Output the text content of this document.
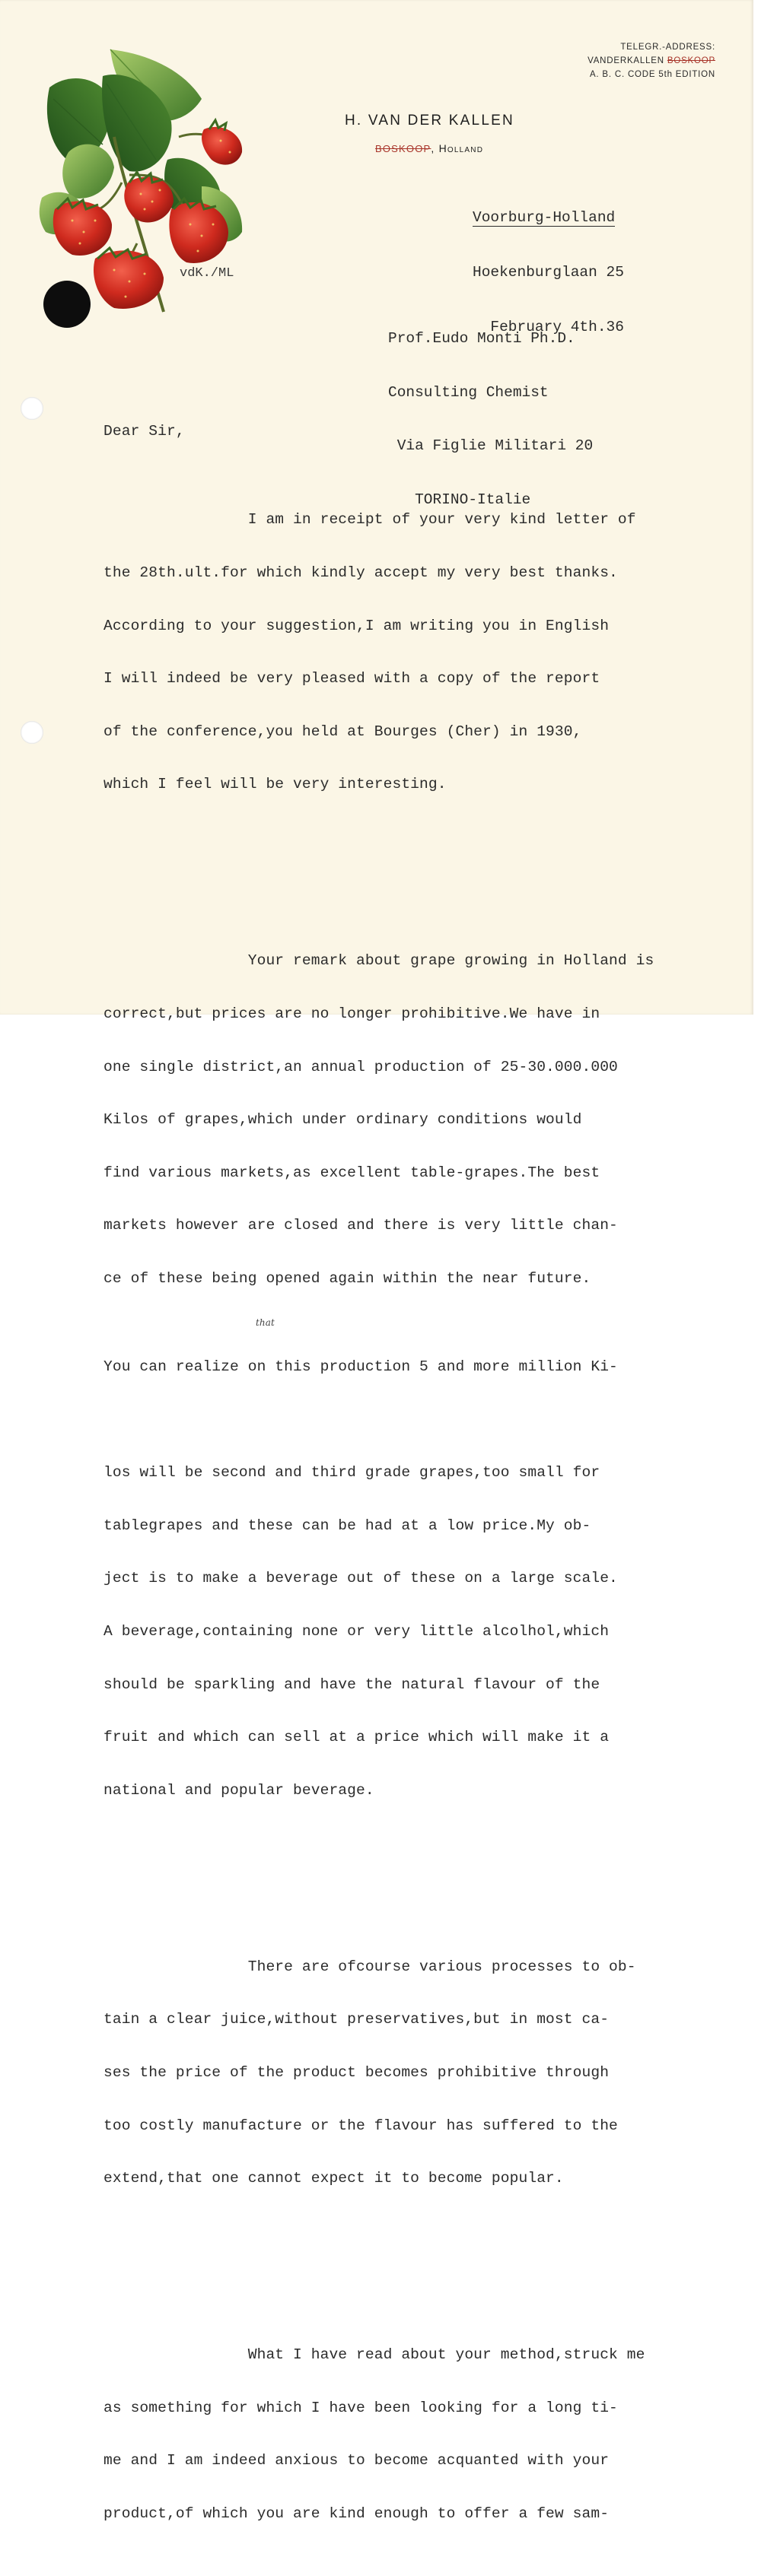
TELEGR.-ADDRESS:
VANDERKALLEN BOSKOOP
A. B. C. CODE 5th EDITION
H. VAN DER KALLEN
BOSKOOP, Holland

Voorburg-Holland

Hoekenburglaan 25

February 4th.36

vdK./ML

Prof.Eudo Monti Ph.D.

Consulting Chemist

Via Figlie Militari 20

TORINO-Italie

Dear Sir,

I am in receipt of your very kind letter of

the 28th.ult.for which kindly accept my very best thanks.

According to your suggestion,I am writing you in English

I will indeed be very pleased with a copy of the report

of the conference,you held at Bourges (Cher) in 1930,

which I feel will be very interesting.

Your remark about grape growing in Holland is

correct,but prices are no longer prohibitive.We have in

one single district,an annual production of 25-30.000.000

Kilos of grapes,which under ordinary conditions would

find various markets,as excellent table-grapes.The best

markets however are closed and there is very little chan-

ce of these being opened again within the near future.

You can realize on this production 5 and more million Ki-

that

los will be second and third grade grapes,too small for

tablegrapes and these can be had at a low price.My ob-

ject is to make a beverage out of these on a large scale.

A beverage,containing none or very little alcolhol,which

should be sparkling and have the natural flavour of the

fruit and which can sell at a price which will make it a

national and popular beverage.

There are ofcourse various processes to ob-

tain a clear juice,without preservatives,but in most ca-

ses the price of the product becomes prohibitive through

too costly manufacture or the flavour has suffered to the

extend,that one cannot expect it to become popular.

What I have read about your method,struck me

as something for which I have been looking for a long ti-

me and I am indeed anxious to become acquanted with your

product,of which you are kind enough to offer a few sam-
